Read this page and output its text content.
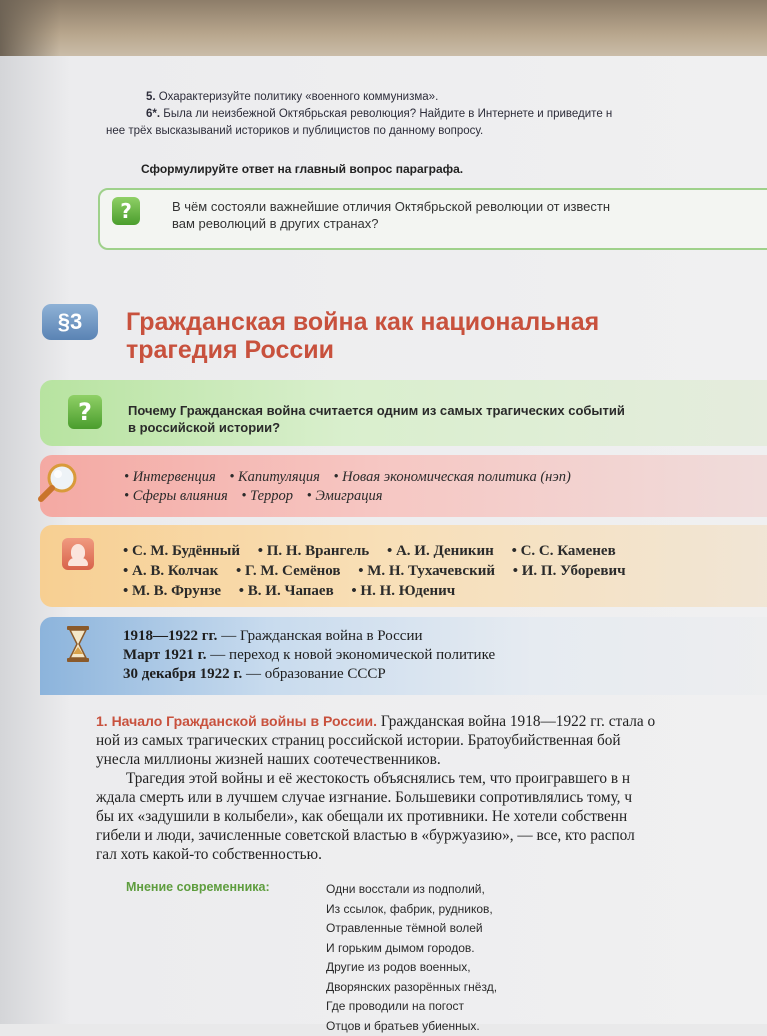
5. Охарактеризуйте политику «военного коммунизма».
6*. Была ли неизбежной Октябрьская революция? Найдите в Интернете и приведите н
нее трёх высказываний историков и публицистов по данному вопросу.
Сформулируйте ответ на главный вопрос параграфа.
?	В чём состояли важнейшие отличия Октябрьской революции от известн
вам революций в других странах?
§3	Гражданская война как национальная
трагедия России
?	Почему Гражданская война считается одним из самых трагических событий
в российской истории?
• Интервенция • Капитуляция • Новая экономическая политика (нэп)
• Сферы влияния • Террор • Эмиграция
• С. М. Будённый • П. Н. Врангель • А. И. Деникин • С. С. Каменев
• А. В. Колчак • Г. М. Семёнов • М. Н. Тухачевский • И. П. Уборевич
• М. В. Фрунзе • В. И. Чапаев • Н. Н. Юденич
1918—1922 гг. — Гражданская война в России
Март 1921 г. — переход к новой экономической политике
30 декабря 1922 г. — образование СССР
1. Начало Гражданской войны в России. Гражданская война 1918—1922 гг. стала о
ной из самых трагических страниц российской истории. Братоубийственная бой
унесла миллионы жизней наших соотечественников.
Трагедия этой войны и её жестокость объяснялись тем, что проигравшего в н
ждала смерть или в лучшем случае изгнание. Большевики сопротивлялись тому, ч
бы их «задушили в колыбели», как обещали их противники. Не хотели собственн
гибели и люди, зачисленные советской властью в «буржуазию», — все, кто распол
гал хоть какой-то собственностью.
Мнение современника:	Одни восстали из подполий,
Из ссылок, фабрик, рудников,
Отравленные тёмной волей
И горьким дымом городов.
Другие из родов военных,
Дворянских разорённых гнёзд,
Где проводили на погост
Отцов и братьев убиенных.
